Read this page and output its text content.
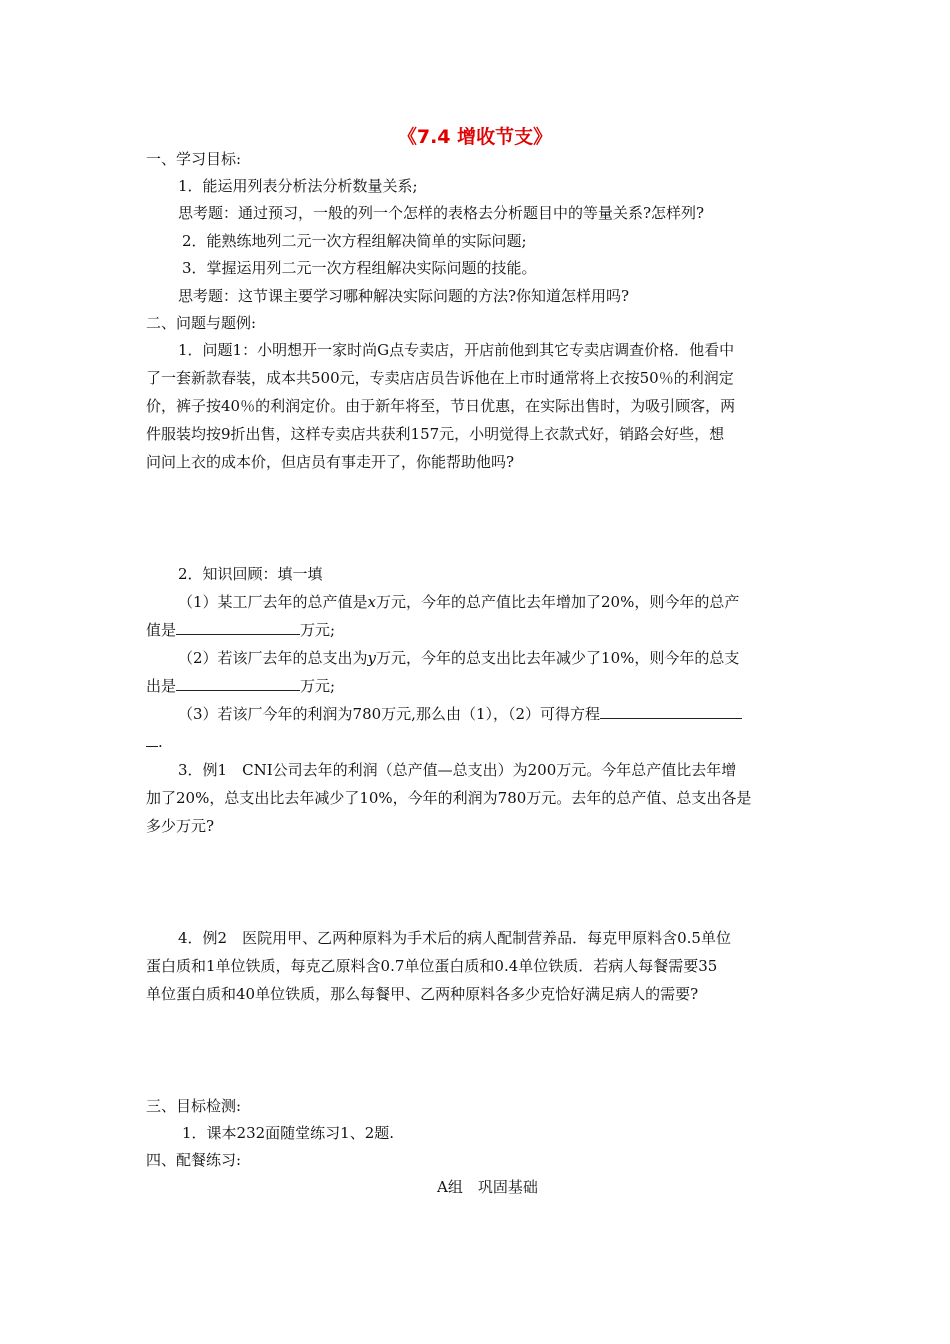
《7.4 增收节支》
一、学习目标:
1．能运用列表分析法分析数量关系;
思考题：通过预习，一般的列一个怎样的表格去分析题目中的等量关系?怎样列?
2．能熟练地列二元一次方程组解决简单的实际问题;
3．掌握运用列二元一次方程组解决实际问题的技能。
思考题：这节课主要学习哪种解决实际问题的方法?你知道怎样用吗?
二、问题与题例:
1．问题1：小明想开一家时尚G点专卖店，开店前他到其它专卖店调查价格．他看中
了一套新款春装，成本共500元，专卖店店员告诉他在上市时通常将上衣按50％的利润定
价，裤子按40％的利润定价。由于新年将至，节日优惠，在实际出售时，为吸引顾客，两
件服装均按9折出售，这样专卖店共获利157元，小明觉得上衣款式好，销路会好些，想
问问上衣的成本价，但店员有事走开了，你能帮助他吗?
2．知识回顾：填一填
（1）某工厂去年的总产值是x万元，今年的总产值比去年增加了20%，则今年的总产
值是	万元;
（2）若该厂去年的总支出为y万元，今年的总支出比去年减少了10%，则今年的总支
出是	万元;
（3）若该厂今年的利润为780万元,那么由（1），（2）可得方程
.
3．例1　CNI公司去年的利润（总产值—总支出）为200万元。今年总产值比去年增
加了20%，总支出比去年减少了10%，今年的利润为780万元。去年的总产值、总支出各是
多少万元?
4．例2　医院用甲、乙两种原料为手术后的病人配制营养品．每克甲原料含0.5单位
蛋白质和1单位铁质，每克乙原料含0.7单位蛋白质和0.4单位铁质．若病人每餐需要35
单位蛋白质和40单位铁质，那么每餐甲、乙两种原料各多少克恰好满足病人的需要?
三、目标检测:
1．课本232面随堂练习1、2题.
四、配餐练习:
A组　巩固基础
